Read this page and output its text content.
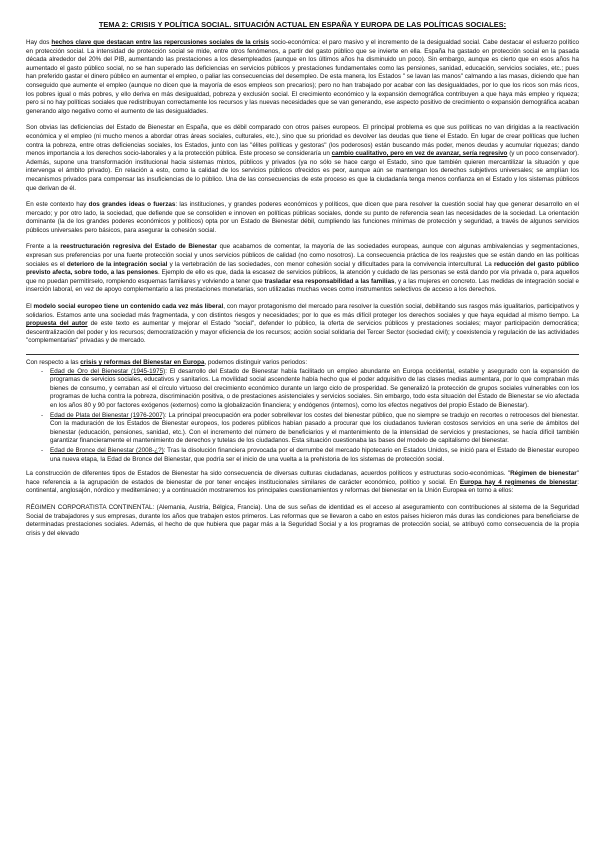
TEMA 2: CRISIS Y POLÍTICA SOCIAL. SITUACIÓN ACTUAL EN ESPAÑA Y EUROPA DE LAS POLÍTICAS SOCIALES:

Hay dos hechos clave que destacan entre las repercusiones sociales de la crisis socio-económica: el paro masivo y el incremento de la desigualdad social. Cabe destacar el esfuerzo político en protección social. La intensidad de protección social se mide, entre otros fenómenos, a partir del gasto público que se invierte en ella. España ha gastado en protección social en la pasada década alrededor del 20% del PIB, aumentando las prestaciones a los desempleados (aunque en los últimos años ha disminuido un poco). Sin embargo, aunque es cierto que en esos años ha aumentado el gasto público social, no se han superado las deficiencias en servicios públicos y prestaciones fundamentales como las pensiones, sanidad, educación, servicios sociales, etc.; pues han preferido gastar el dinero público en aumentar el empleo, o paliar las consecuencias del desempleo. De esta manera, los Estados " se lavan las manos" calmando a las masas, diciendo que han conseguido que aumente el empleo (aunque no dicen que la mayoría de esos empleos son precarios); pero no han trabajado por acabar con las desigualdades, por lo que los ricos son más ricos, los pobres igual o más pobres, y ello deriva en más desigualdad, pobreza y exclusión social. El crecimiento económico y la expansión demográfica contribuyen a que haya más empleo y riqueza; pero si no hay políticas sociales que redistribuyan correctamente los recursos y las nuevas necesidades que se van generando, ese aspecto positivo de crecimiento o expansión demográfica acaban generando algo negativo como el aumento de las desigualdades.

Son obvias las deficiencias del Estado de Bienestar en España, que es débil comparado con otros países europeos. El principal problema es que sus políticas no van dirigidas a la reactivación económica y el empleo (ni mucho menos a abordar otras áreas sociales, culturales, etc.), sino que su prioridad es devolver las deudas que tiene el Estado. En lugar de crear políticas que luchen contra la pobreza, entre otras deficiencias sociales, los Estados, junto con las "élites políticas y gestoras" (los poderosos) están buscando más poder, menos deudas y acumular riquezas; dando menos importancia a los derechos socio-laborales y a la protección pública. Este proceso se consideraría un cambio cualitativo, pero en vez de avanzar, sería regresivo (y un poco conservador). Además, supone una transformación institucional hacia sistemas mixtos, públicos y privados (ya no sólo se hace cargo el Estado, sino que también quieren mercantilizar la situación y que intervenga el ámbito privado). En relación a esto, como la calidad de los servicios públicos ofrecidos es peor, aunque aún se mantengan los derechos subjetivos universales; se amplían los mecanismos privados para compensar las insuficiencias de lo público. Una de las consecuencias de este proceso es que la ciudadanía tenga menos confianza en el Estado y los sistemas públicos que derivan de él.

En este contexto hay dos grandes ideas o fuerzas: las instituciones, y grandes poderes económicos y políticos, que dicen que para resolver la cuestión social hay que generar desarrollo en el mercado; y por otro lado, la sociedad, que defiende que se consoliden e innoven en políticas públicas sociales, donde su punto de referencia sean las necesidades de la sociedad. La orientación dominante (la de los grandes poderes económicos y políticos) opta por un Estado de Bienestar débil, cumpliendo las funciones mínimas de protección y seguridad, a través de algunos servicios públicos universales pero básicos, para asegurar la cohesión social.

Frente a la reestructuración regresiva del Estado de Bienestar que acabamos de comentar, la mayoría de las sociedades europeas, aunque con algunas ambivalencias y segmentaciones, expresan sus preferencias por una fuerte protección social y unos servicios públicos de calidad (no como nosotros). La consecuencia práctica de los reajustes que se están dando en las políticas sociales es el deterioro de la integración social y la vertebración de las sociedades, con menor cohesión social y dificultades para la convivencia intercultural. La reducción del gasto público previsto afecta, sobre todo, a las pensiones. Ejemplo de ello es que, dada la escasez de servicios públicos, la atención y cuidado de las personas se está dando por vía privada o, para aquellos que no puedan permitírselo, rompiendo esquemas familiares y volviendo a tener que trasladar esa responsabilidad a las familias, y a las mujeres en concreto. Las medidas de integración social e inserción laboral, en vez de apoyo complementario a las prestaciones monetarias, son utilizadas muchas veces como instrumentos selectivos de acceso a los derechos.

El modelo social europeo tiene un contenido cada vez más liberal, con mayor protagonismo del mercado para resolver la cuestión social, debilitando sus rasgos más igualitarios, participativos y solidarios. Estamos ante una sociedad más fragmentada, y con distintos riesgos y necesidades; por lo que es más difícil proteger los derechos sociales y que haya equidad al mismo tiempo. La propuesta del autor de este texto es aumentar y mejorar el Estado "social", defender lo público, la oferta de servicios públicos y prestaciones sociales; mayor participación democrática; descentralización del poder y los recursos; democratización y mayor eficiencia de los recursos; acción social solidaria del Tercer Sector (sociedad civil); y coexistencia y regulación de las actividades "complementarias" privadas y de mercado.

Con respecto a las crisis y reformas del Bienestar en Europa, podemos distinguir varios periodos:
- Edad de Oro del Bienestar (1945-1975): El desarrollo del Estado de Bienestar había facilitado un empleo abundante en Europa occidental, estable y asegurado con la expansión de programas de servicios sociales, educativos y sanitarios. La movilidad social ascendente había hecho que el poder adquisitivo de las clases medias aumentara, por lo que compraban más bienes de consumo, y cerraban así el círculo virtuoso del crecimiento económico durante un largo ciclo de prosperidad. Se generalizó la protección de grupos sociales vulnerables con los programas de lucha contra la pobreza, discriminación positiva, o de prestaciones asistenciales y servicios sociales. Sin embargo, todo esta situación del Estado de Bienestar se vio afectada en los años 80 y 90 por factores exógenos (externos) como la globalización financiera; y endógenos (internos), como los efectos negativos del propio Estado de Bienestar).
- Edad de Plata del Bienestar (1976-2007): La principal preocupación era poder sobrellevar los costes del bienestar público, que no siempre se tradujo en recortes o retrocesos del bienestar. Con la maduración de los Estados de Bienestar europeos, los poderes públicos habían pasado a procurar que los ciudadanos tuvieran costosos servicios en una serie de ámbitos del bienestar (educación, pensiones, sanidad, etc.). Con el incremento del número de beneficiarios y el mantenimiento de la intensidad de servicios y prestaciones, se hacía difícil también garantizar financieramente el mantenimiento de derechos y tutelas de los ciudadanos. Esta situación cuestionaba las bases del modelo de capitalismo del bienestar.
- Edad de Bronce del Bienestar (2008-¿?): Tras la disolución financiera provocada por el derrumbe del mercado hipotecario en Estados Unidos, se inició para el Estado de Bienestar europeo una nueva etapa, la Edad de Bronce del Bienestar, que podría ser el inicio de una vuelta a la prehistoria de los sistemas de protección social.

La construcción de diferentes tipos de Estados de Bienestar ha sido consecuencia de diversas culturas ciudadanas, acuerdos políticos y estructuras socio-económicas. "Régimen de bienestar" hace referencia a la agrupación de estados de bienestar de por tener encajes institucionales similares de carácter económico, político y social. En Europa hay 4 regímenes de bienestar: continental, anglosajón, nórdico y mediterráneo; y a continuación mostraremos los principales cuestionamientos y reformas del bienestar en la Unión Europea en torno a ellos:

RÉGIMEN CORPORATISTA CONTINENTAL: (Alemania, Austria, Bélgica, Francia). Una de sus señas de identidad es el acceso al aseguramiento con contribuciones al sistema de la Seguridad Social de trabajadores y sus empresas, durante los años que trabajen estos primeros. Las reformas que se llevaron a cabo en estos países hicieron más duras las condiciones para beneficiarse de determinadas prestaciones sociales. Además, el hecho de que hubiera que pagar más a la Seguridad Social y a los programas de protección social, se atribuyó como consecuencia de la propia crisis y del elevado
